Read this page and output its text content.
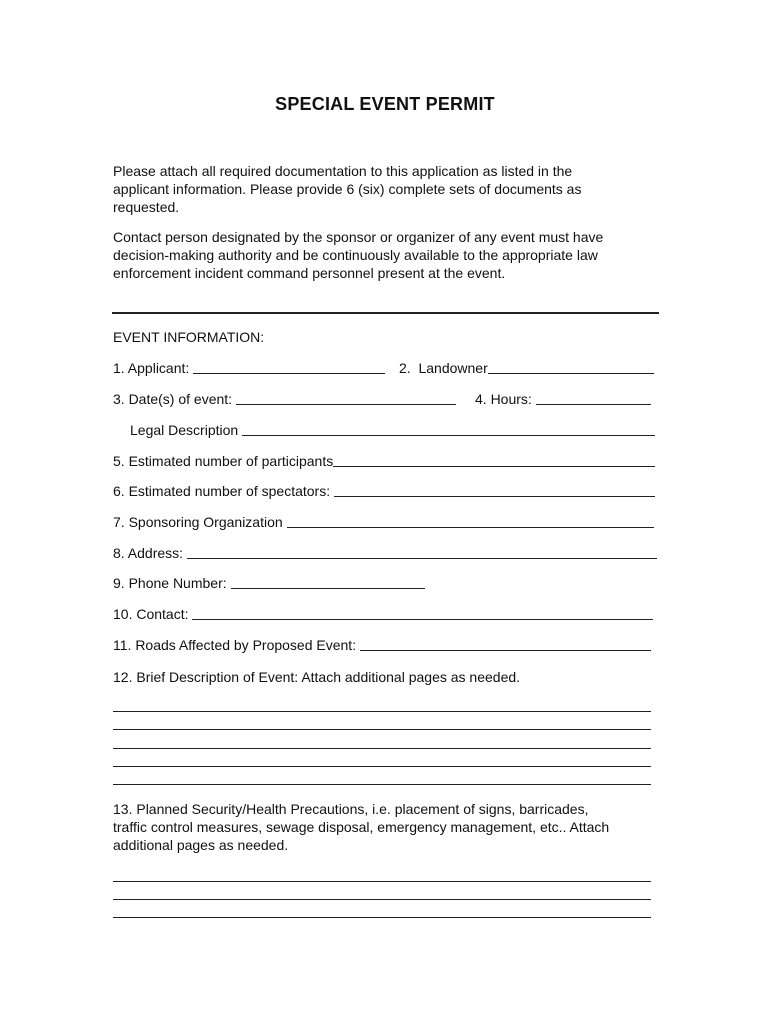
SPECIAL EVENT PERMIT

Please attach all required documentation to this application as listed in the

applicant information. Please provide 6 (six) complete sets of documents as

requested.

Contact person designated by the sponsor or organizer of any event must have

decision-making authority and be continuously available to the appropriate law

enforcement incident command personnel present at the event.

EVENT INFORMATION:
1. Applicant:	2.  Landowner
3. Date(s) of event:	4. Hours:
Legal Description
5. Estimated number of participants
6. Estimated number of spectators:
7. Sponsoring Organization
8. Address:
9. Phone Number:
10. Contact:
11. Roads Affected by Proposed Event:
12. Brief Description of Event: Attach additional pages as needed.

13. Planned Security/Health Precautions, i.e. placement of signs, barricades,

traffic control measures, sewage disposal, emergency management, etc.. Attach

additional pages as needed.
